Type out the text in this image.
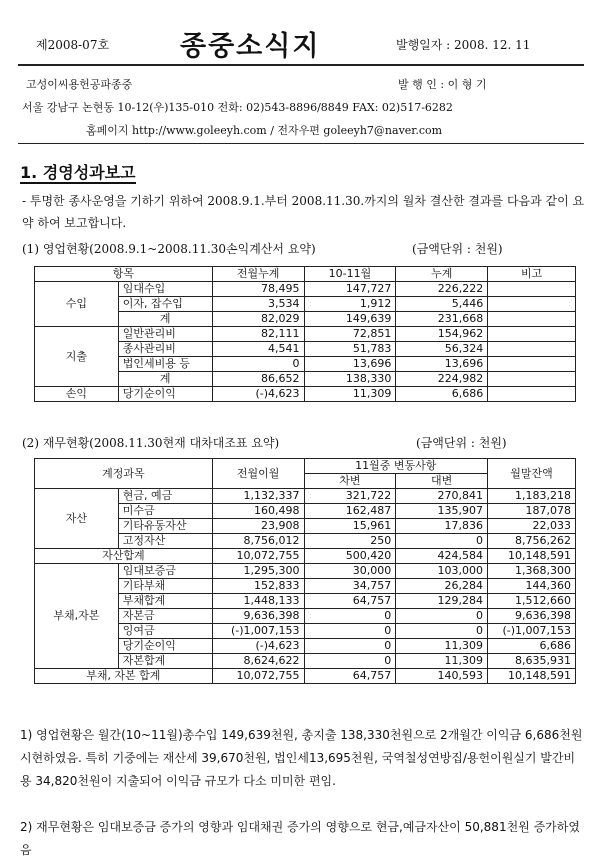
제2008-07호	종중소식지	발행일자 : 2008. 12. 11
고성이씨용헌공파종중	발 행 인 : 이 형 기
서울 강남구 논현동 10-12(우)135-010 전화: 02)543-8896/8849 FAX: 02)517-6282
홈페이지 http://www.goleeyh.com / 전자우편 goleeyh7@naver.com
1. 경영성과보고
- 투명한 종사운영을 기하기 위하여 2008.9.1.부터 2008.11.30.까지의 월차 결산한 결과를 다음과 같이 요약 하여 보고합니다.
(1) 영업현황(2008.9.1~2008.11.30손익계산서 요약)	(금액단위 : 천원)
항목		전월누계	10-11월	누계	비고
수입	임대수입	78,495	147,727	226,222	
	이자, 잡수입	3,534	1,912	5,446	
	계	82,029	149,639	231,668	
지출	일반관리비	82,111	72,851	154,962	
	종사관리비	4,541	51,783	56,324	
	법인세비용 등	0	13,696	13,696	
	계	86,652	138,330	224,982	
손익	당기순이익	(-)4,623	11,309	6,686	
(2) 재무현황(2008.11.30현재 대차대조표 요약)	(금액단위 : 천원)
계정과목		전월이월	11월중 변동사항		월말잔액
			차변	대변	
자산	현금, 예금	1,132,337	321,722	270,841	1,183,218
	미수금	160,498	162,487	135,907	187,078
	기타유동자산	23,908	15,961	17,836	22,033
	고정자산	8,756,012	250	0	8,756,262
자산합계		10,072,755	500,420	424,584	10,148,591
부채,자본	임대보증금	1,295,300	30,000	103,000	1,368,300
	기타부채	152,833	34,757	26,284	144,360
	부채합계	1,448,133	64,757	129,284	1,512,660
	자본금	9,636,398	0	0	9,636,398
	잉여금	(-)1,007,153	0	0	(-)1,007,153
	당기순이익	(-)4,623	0	11,309	6,686
	자본합계	8,624,622	0	11,309	8,635,931
부채, 자본 합계		10,072,755	64,757	140,593	10,148,591
1) 영업현황은 월간(10~11월)총수입 149,639천원, 총지출 138,330천원으로 2개월간 이익금 6,686천원 시현하였음. 특히 기중에는 재산세 39,670천원, 법인세13,695천원, 국역철성연방집/용헌이원실기 발간비용 34,820천원이 지출되어 이익금 규모가 다소 미미한 편임.
2) 재무현황은 임대보증금 증가의 영향과 임대채권 증가의 영향으로 현금,예금자산이 50,881천원 증가하였음
